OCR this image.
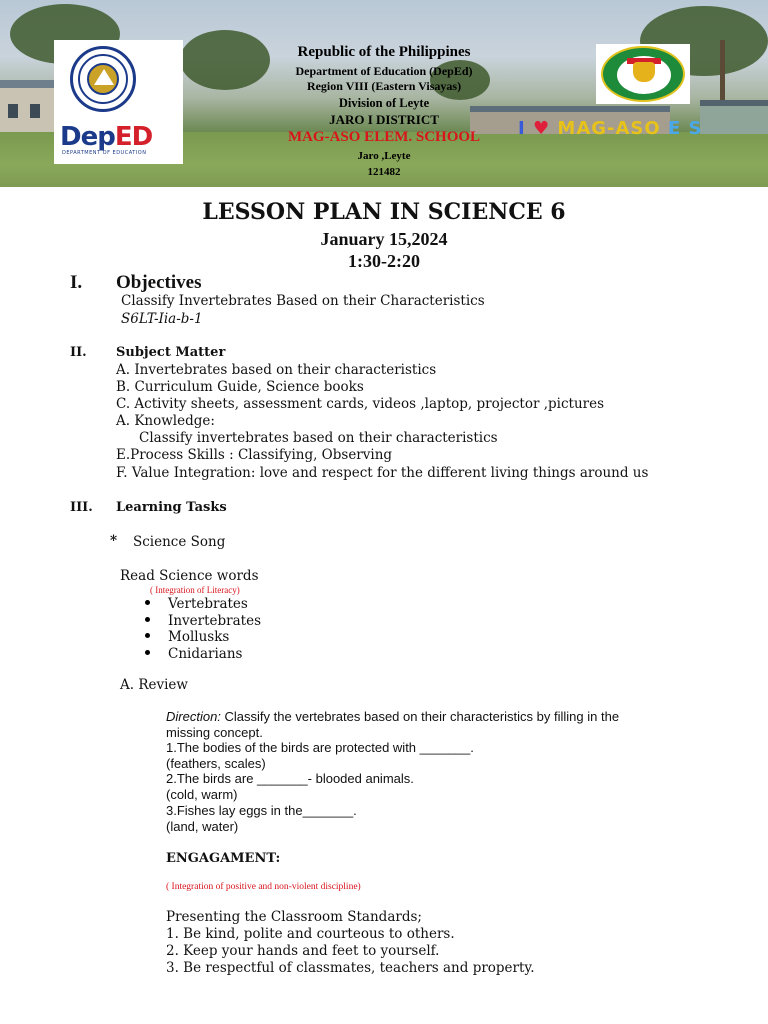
I ♥ MAG-ASO E S
DepED
DEPARTMENT OF EDUCATION
Republic of the Philippines
Department of Education (DepEd)
Region VIII (Eastern Visayas)
Division of Leyte
JARO I DISTRICT
MAG-ASO ELEM. SCHOOL
Jaro ,Leyte
121482
LESSON PLAN IN SCIENCE 6
January 15,2024
1:30-2:20
I. Objectives
Classify Invertebrates Based on their Characteristics
S6LT-Iia-b-1
II. Subject Matter
A. Invertebrates based on their characteristics
B. Curriculum Guide, Science books
C. Activity sheets, assessment cards, videos ,laptop, projector ,pictures
A. Knowledge:
Classify invertebrates based on their characteristics
E.Process Skills : Classifying, Observing
F. Value Integration: love and respect for the different living things around us
III. Learning Tasks
* Science Song
Read Science words
( Integration of Literacy)
Vertebrates
Invertebrates
Mollusks
Cnidarians
A. Review
Direction: Classify the vertebrates based on their characteristics by filling in the
missing concept.
1.The bodies of the birds are protected with _______.
(feathers, scales)
2.The birds are _______- blooded animals.
(cold, warm)
3.Fishes lay eggs in the_______.
(land, water)
ENGAGAMENT:
( Integration of positive and non-violent discipline)
Presenting the Classroom Standards;
1. Be kind, polite and courteous to others.
2. Keep your hands and feet to yourself.
3. Be respectful of classmates, teachers and property.
